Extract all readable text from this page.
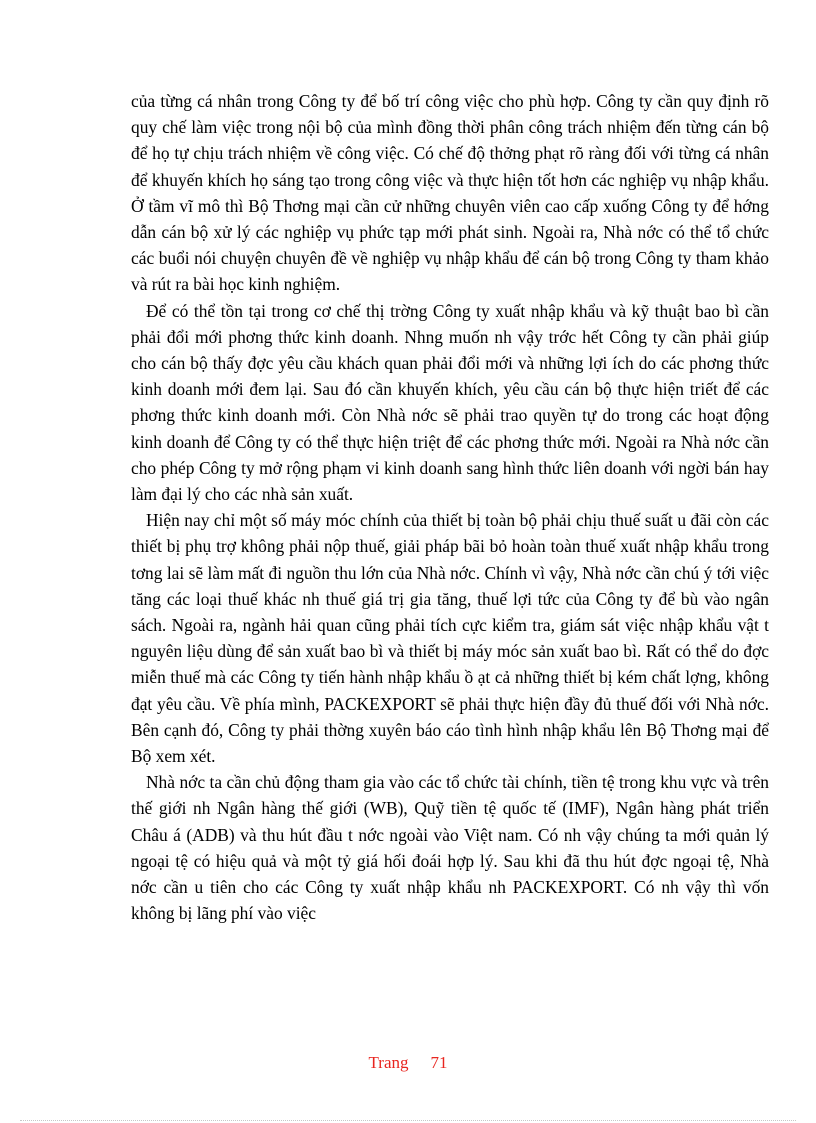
của từng cá nhân trong Công ty để bố trí công việc cho phù hợp. Công ty cần quy định rõ quy chế làm việc trong nội bộ của mình đồng thời phân công trách nhiệm đến từng cán bộ để họ tự chịu trách nhiệm về công việc. Có chế độ thởng phạt rõ ràng đối với từng cá nhân để khuyến khích họ sáng tạo trong công việc và thực hiện tốt hơn các nghiệp vụ nhập khẩu. Ở tầm vĩ mô thì Bộ Thơng mại cần cử những chuyên viên cao cấp xuống Công ty để hớng dẫn cán bộ xử lý các nghiệp vụ phức tạp mới phát sinh. Ngoài ra, Nhà nớc có thể tổ chức các buổi nói chuyện chuyên đề về nghiệp vụ nhập khẩu để cán bộ trong Công ty tham khảo và rút ra bài học kinh nghiệm.

Để có thể tồn tại trong cơ chế thị trờng Công ty xuất nhập khẩu và kỹ thuật bao bì cần phải đổi mới phơng thức kinh doanh. Nhng muốn nh vậy trớc hết Công ty cần phải giúp cho cán bộ thấy đợc yêu cầu khách quan phải đổi mới và những lợi ích do các phơng thức kinh doanh mới đem lại. Sau đó cần khuyến khích, yêu cầu cán bộ thực hiện triết để các phơng thức kinh doanh mới. Còn Nhà nớc sẽ phải trao quyền tự do trong các hoạt động kinh doanh để Công ty có thể thực hiện triệt để các phơng thức mới. Ngoài ra Nhà nớc cần cho phép Công ty mở rộng phạm vi kinh doanh sang hình thức liên doanh với ngời bán hay làm đại lý cho các nhà sản xuất.

Hiện nay chỉ một số máy móc chính của thiết bị toàn bộ phải chịu thuế suất u đãi còn các thiết bị phụ trợ không phải nộp thuế, giải pháp bãi bỏ hoàn toàn thuế xuất nhập khẩu trong tơng lai sẽ làm mất đi nguồn thu lớn của Nhà nớc. Chính vì vậy, Nhà nớc cần chú ý tới việc tăng các loại thuế khác nh thuế giá trị gia tăng, thuế lợi tức của Công ty để bù vào ngân sách. Ngoài ra, ngành hải quan cũng phải tích cực kiểm tra, giám sát việc nhập khẩu vật t nguyên liệu dùng để sản xuất bao bì và thiết bị máy móc sản xuất bao bì. Rất có thể do đợc miễn thuế mà các Công ty tiến hành nhập khẩu ồ ạt cả những thiết bị kém chất lợng, không đạt yêu cầu. Về phía mình, PACKEXPORT sẽ phải thực hiện đầy đủ thuế đối với Nhà nớc. Bên cạnh đó, Công ty phải thờng xuyên báo cáo tình hình nhập khẩu lên Bộ Thơng mại để Bộ xem xét.

Nhà nớc ta cần chủ động tham gia vào các tổ chức tài chính, tiền tệ trong khu vực và trên thế giới nh Ngân hàng thế giới (WB), Quỹ tiền tệ quốc tế (IMF), Ngân hàng phát triển Châu á (ADB) và thu hút đầu t nớc ngoài vào Việt nam. Có nh vậy chúng ta mới quản lý ngoại tệ có hiệu quả và một tỷ giá hối đoái hợp lý. Sau khi đã thu hút đợc ngoại tệ, Nhà nớc cần u tiên cho các Công ty xuất nhập khẩu nh PACKEXPORT. Có nh vậy thì vốn không bị lãng phí vào việc

Trang 71
